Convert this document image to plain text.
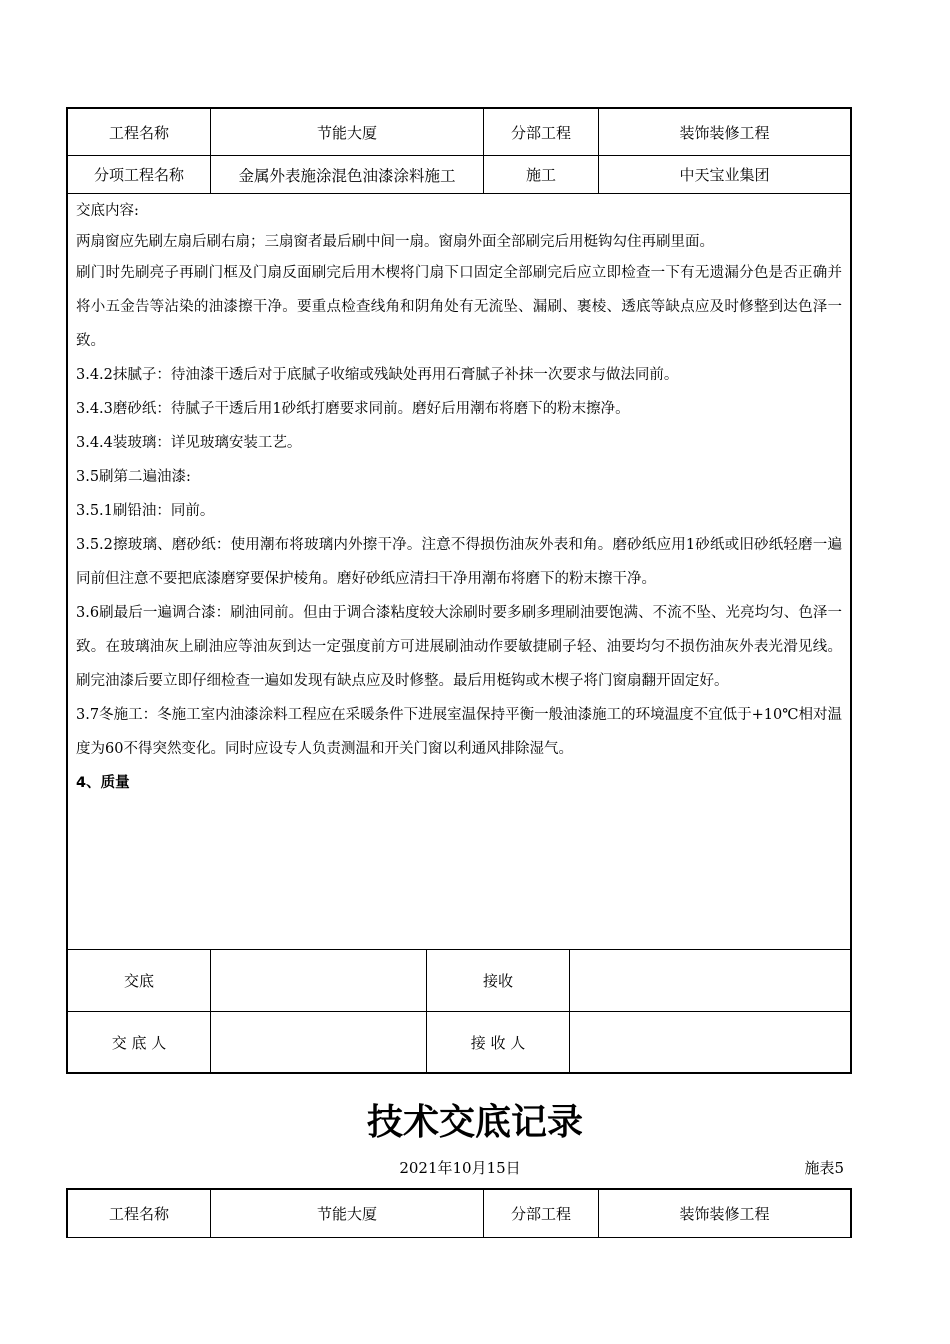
工程名称	节能大厦	分部工程	装饰装修工程
分项工程名称	金属外表施涂混色油漆涂料施工	施工	中天宝业集团
交底内容:

两扇窗应先刷左扇后刷右扇；三扇窗者最后刷中间一扇。窗扇外面全部刷完后用梃钩勾住再刷里面。

刷门时先刷亮子再刷门框及门扇反面刷完后用木楔将门扇下口固定全部刷完后应立即检查一下有无遗漏分色是否正确并将小五金告等沾染的油漆擦干净。要重点检查线角和阴角处有无流坠、漏刷、裹棱、透底等缺点应及时修整到达色泽一致。

3.4.2抹腻子：待油漆干透后对于底腻子收缩或残缺处再用石膏腻子补抹一次要求与做法同前。

3.4.3磨砂纸：待腻子干透后用1砂纸打磨要求同前。磨好后用潮布将磨下的粉末擦净。

3.4.4装玻璃：详见玻璃安装工艺。

3.5刷第二遍油漆:

3.5.1刷铅油：同前。

3.5.2擦玻璃、磨砂纸：使用潮布将玻璃内外擦干净。注意不得损伤油灰外表和角。磨砂纸应用1砂纸或旧砂纸轻磨一遍同前但注意不要把底漆磨穿要保护棱角。磨好砂纸应清扫干净用潮布将磨下的粉末擦干净。

3.6刷最后一遍调合漆：刷油同前。但由于调合漆粘度较大涂刷时要多刷多理刷油要饱满、不流不坠、光亮均匀、色泽一致。在玻璃油灰上刷油应等油灰到达一定强度前方可进展刷油动作要敏捷刷子轻、油要均匀不损伤油灰外表光滑见线。刷完油漆后要立即仔细检查一遍如发现有缺点应及时修整。最后用梃钩或木楔子将门窗扇翻开固定好。

3.7冬施工：冬施工室内油漆涂料工程应在采暖条件下进展室温保持平衡一般油漆施工的环境温度不宜低于+10℃相对温度为60不得突然变化。同时应设专人负责测温和开关门窗以利通风排除湿气。

4、质量

交底	接收
交 底 人	接 收 人
技术交底记录
2021年10月15日	施表5
工程名称	节能大厦	分部工程	装饰装修工程
